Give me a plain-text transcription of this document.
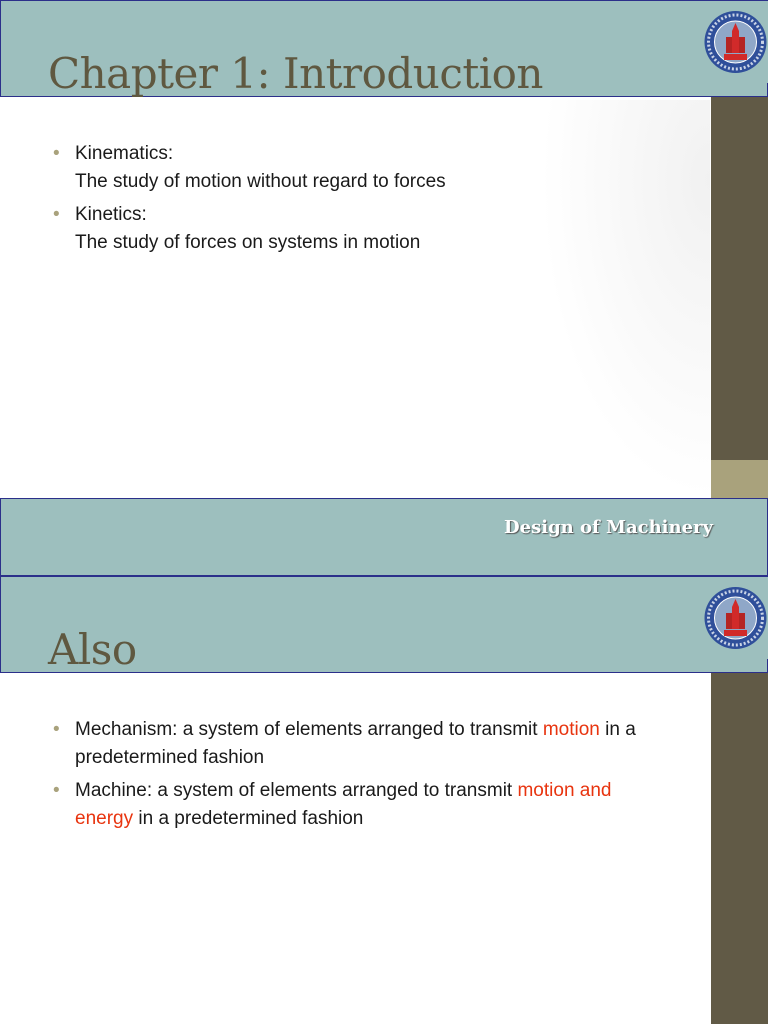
Chapter 1: Introduction
• Kinematics:
The study of motion without regard to forces
• Kinetics:
The study of forces on systems in motion
Design of Machinery
Also
• Mechanism: a system of elements arranged to transmit motion in a predetermined fashion
• Machine: a system of elements arranged to transmit motion and energy in a predetermined fashion
